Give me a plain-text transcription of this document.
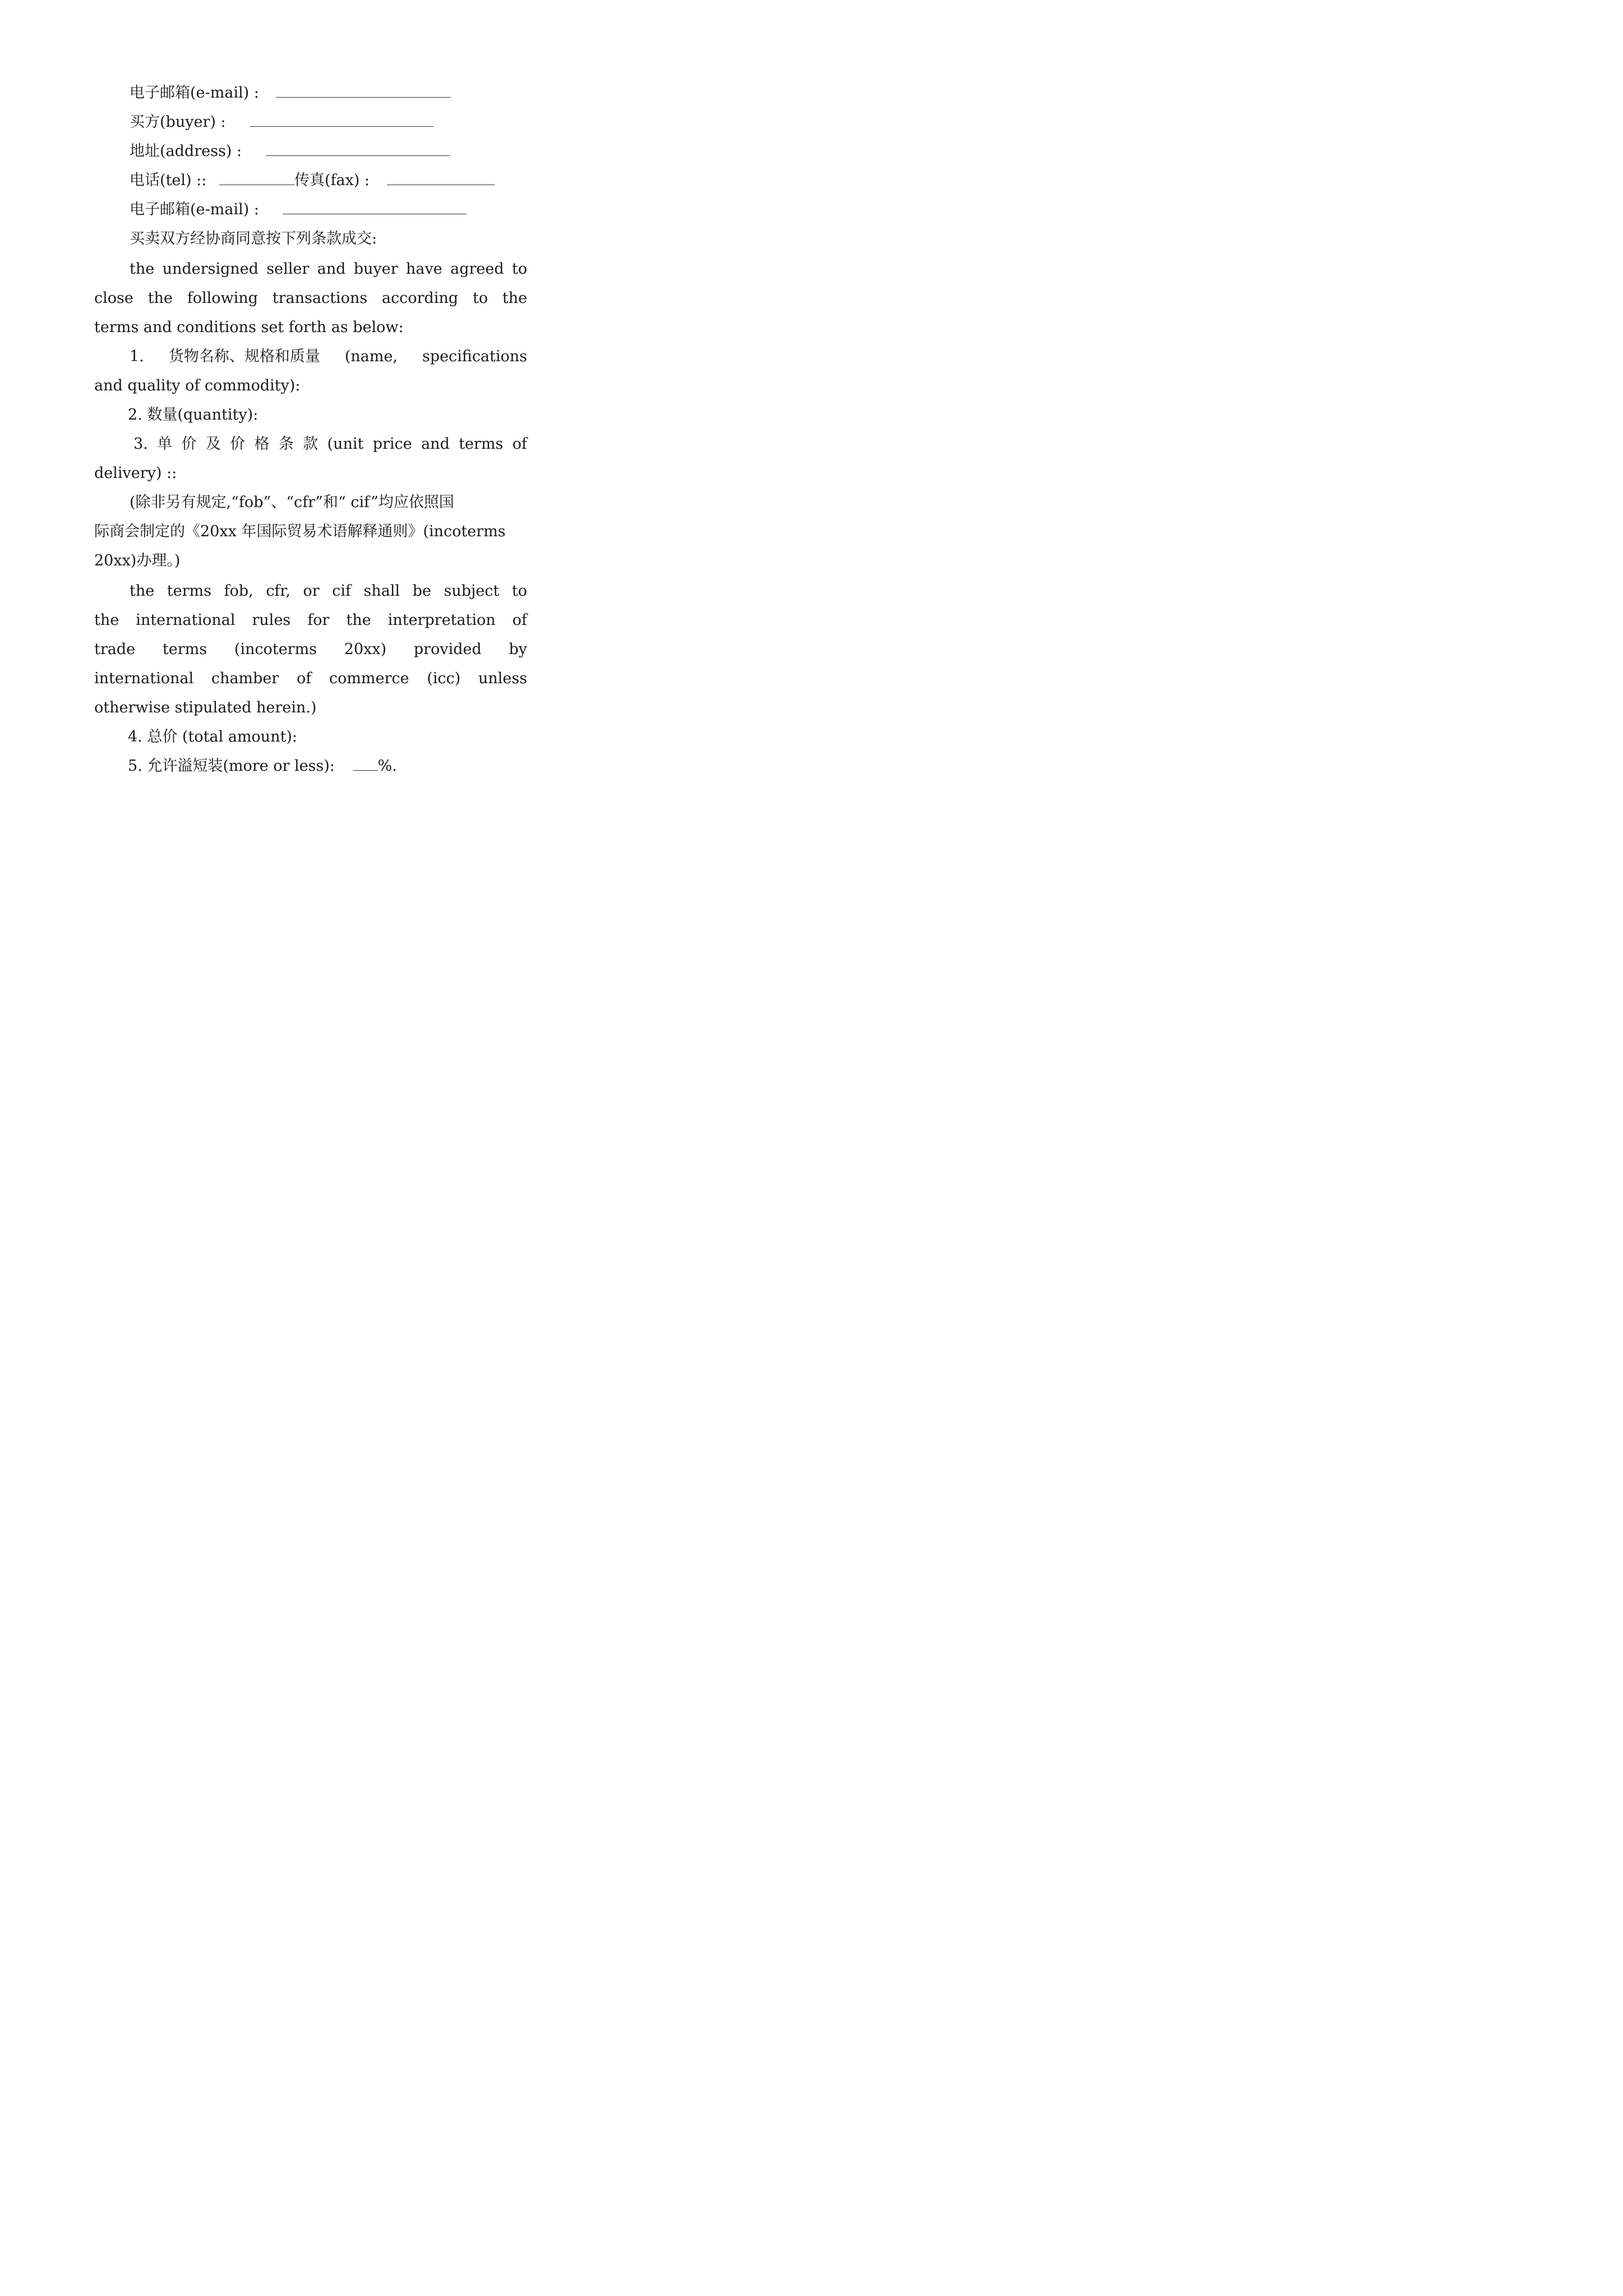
电子邮箱(e-mail) :
买方(buyer) :
地址(address) :
电话(tel) ::	传真(fax) :
电子邮箱(e-mail) :
买卖双方经协商同意按下列条款成交:
the undersigned seller and buyer have agreed to
close the following transactions according to the
terms and conditions set forth as below:
1. 货物名称、规格和质量 (name, specifications
and quality of commodity):
2. 数量(quantity):
3. 单 价 及 价 格 条 款 (unit price and terms of
delivery) ::
(除非另有规定,“fob”、“cfr”和“ cif”均应依照国
际商会制定的《20xx 年国际贸易术语解释通则》(incoterms
20xx)办理。)
the terms fob, cfr, or cif shall be subject to
the international rules for the interpretation of
trade terms (incoterms 20xx) provided by
international chamber of commerce (icc) unless
otherwise stipulated herein.)
4. 总价 (total amount):
5. 允许溢短装(more or less):	%.
